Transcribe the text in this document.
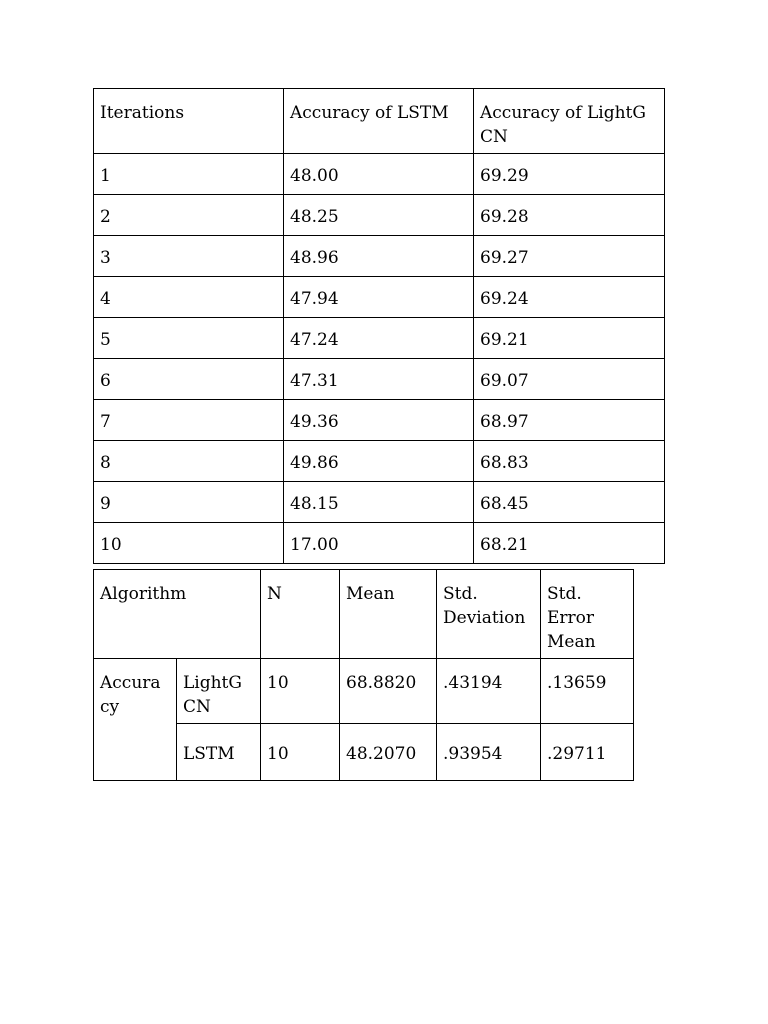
Iterations	Accuracy of LSTM	Accuracy of LightGCN
1	48.00	69.29
2	48.25	69.28
3	48.96	69.27
4	47.94	69.24
5	47.24	69.21
6	47.31	69.07
7	49.36	68.97
8	49.86	68.83
9	48.15	68.45
10	17.00	68.21
Algorithm		N	Mean	Std. Deviation	Std. Error Mean
Accuracy	LightGCN	10	68.8820	.43194	.13659
	LSTM	10	48.2070	.93954	.29711
